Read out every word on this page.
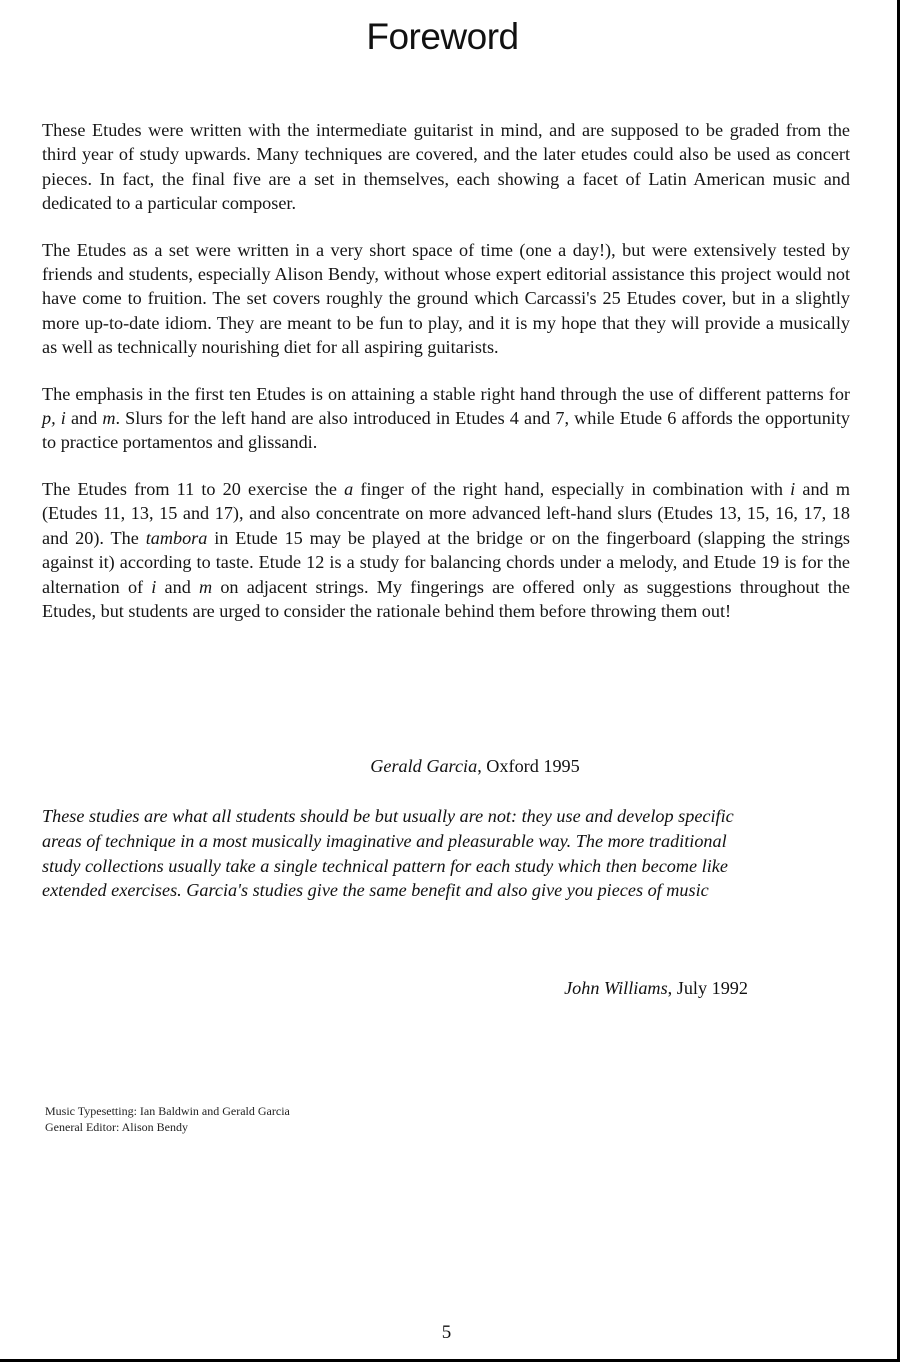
Foreword

These Etudes were written with the intermediate guitarist in mind, and are supposed to be graded from the third year of study upwards. Many techniques are covered, and the later etudes could also be used as concert pieces. In fact, the final five are a set in themselves, each showing a facet of Latin American music and dedicated to a particular composer.

The Etudes as a set were written in a very short space of time (one a day!), but were extensively tested by friends and students, especially Alison Bendy, without whose expert editorial assistance this project would not have come to fruition. The set covers roughly the ground which Carcassi's 25 Etudes cover, but in a slightly more up-to-date idiom. They are meant to be fun to play, and it is my hope that they will provide a musically as well as technically nourishing diet for all aspiring guitarists.

The emphasis in the first ten Etudes is on attaining a stable right hand through the use of different patterns for p, i and m. Slurs for the left hand are also introduced in Etudes 4 and 7, while Etude 6 affords the opportunity to practice portamentos and glissandi.

The Etudes from 11 to 20 exercise the a finger of the right hand, especially in combination with i and m (Etudes 11, 13, 15 and 17), and also concentrate on more advanced left-hand slurs (Etudes 13, 15, 16, 17, 18 and 20). The tambora in Etude 15 may be played at the bridge or on the fingerboard (slapping the strings against it) according to taste. Etude 12 is a study for balancing chords under a melody, and Etude 19 is for the alternation of i and m on adjacent strings. My fingerings are offered only as suggestions throughout the Etudes, but students are urged to consider the rationale behind them before throwing them out!

Gerald Garcia, Oxford 1995

These studies are what all students should be but usually are not: they use and develop specific areas of technique in a most musically imaginative and pleasurable way. The more traditional study collections usually take a single technical pattern for each study which then become like extended exercises. Garcia's studies give the same benefit and also give you pieces of music

John Williams, July 1992

Music Typesetting: Ian Baldwin and Gerald Garcia
General Editor: Alison Bendy

5
